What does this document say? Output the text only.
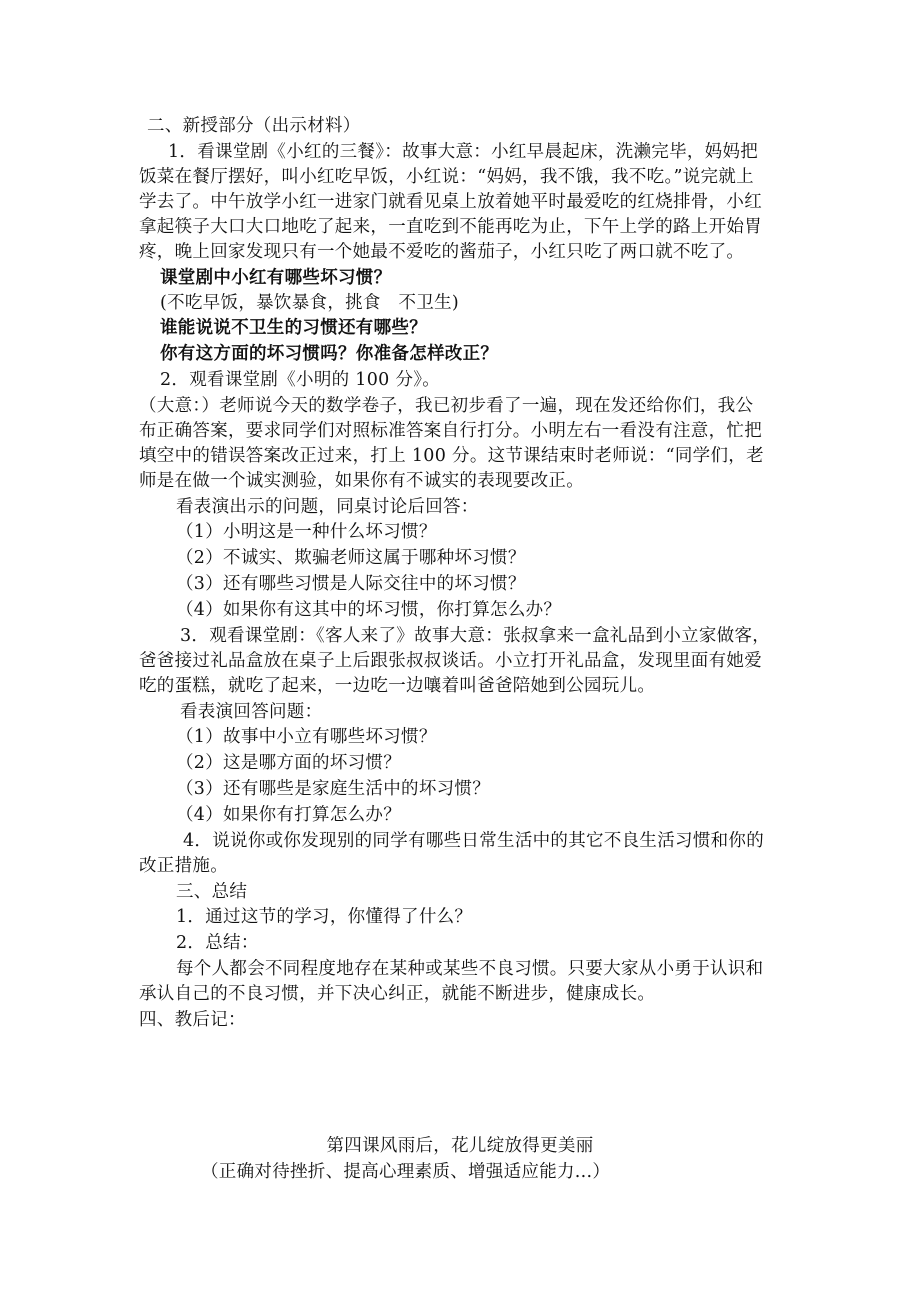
二、新授部分（出示材料）
1．看课堂剧《小红的三餐》：故事大意：小红早晨起床，洗濑完毕，妈妈把
饭菜在餐厅摆好，叫小红吃早饭，小红说：“妈妈，我不饿，我不吃。”说完就上
学去了。中午放学小红一进家门就看见桌上放着她平时最爱吃的红烧排骨，小红
拿起筷子大口大口地吃了起来，一直吃到不能再吃为止，下午上学的路上开始胃
疼，晚上回家发现只有一个她最不爱吃的酱茄子，小红只吃了两口就不吃了。
课堂剧中小红有哪些坏习惯？
(不吃早饭，暴饮暴食，挑食　不卫生)
谁能说说不卫生的习惯还有哪些？
你有这方面的坏习惯吗？你准备怎样改正？
2．观看课堂剧《小明的 100 分》。
（大意：）老师说今天的数学卷子，我已初步看了一遍，现在发还给你们，我公
布正确答案，要求同学们对照标准答案自行打分。小明左右一看没有注意，忙把
填空中的错误答案改正过来，打上 100 分。这节课结束时老师说：“同学们，老
师是在做一个诚实测验，如果你有不诚实的表现要改正。
看表演出示的问题，同桌讨论后回答：
（1）小明这是一种什么坏习惯？
（2）不诚实、欺骗老师这属于哪种坏习惯？
（3）还有哪些习惯是人际交往中的坏习惯？
（4）如果你有这其中的坏习惯，你打算怎么办？
3．观看课堂剧：《客人来了》故事大意：张叔拿来一盒礼品到小立家做客，
爸爸接过礼品盒放在桌子上后跟张叔叔谈话。小立打开礼品盒，发现里面有她爱
吃的蛋糕，就吃了起来，一边吃一边嚷着叫爸爸陪她到公园玩儿。
看表演回答问题：
（1）故事中小立有哪些坏习惯？
（2）这是哪方面的坏习惯？
（3）还有哪些是家庭生活中的坏习惯？
（4）如果你有打算怎么办？
4．说说你或你发现别的同学有哪些日常生活中的其它不良生活习惯和你的
改正措施。
三、总结
1．通过这节的学习，你懂得了什么？
2．总结：
每个人都会不同程度地存在某种或某些不良习惯。只要大家从小勇于认识和
承认自己的不良习惯，并下决心纠正，就能不断进步，健康成长。
四、教后记：
第四课风雨后，花儿绽放得更美丽
（正确对待挫折、提高心理素质、增强适应能力...）
